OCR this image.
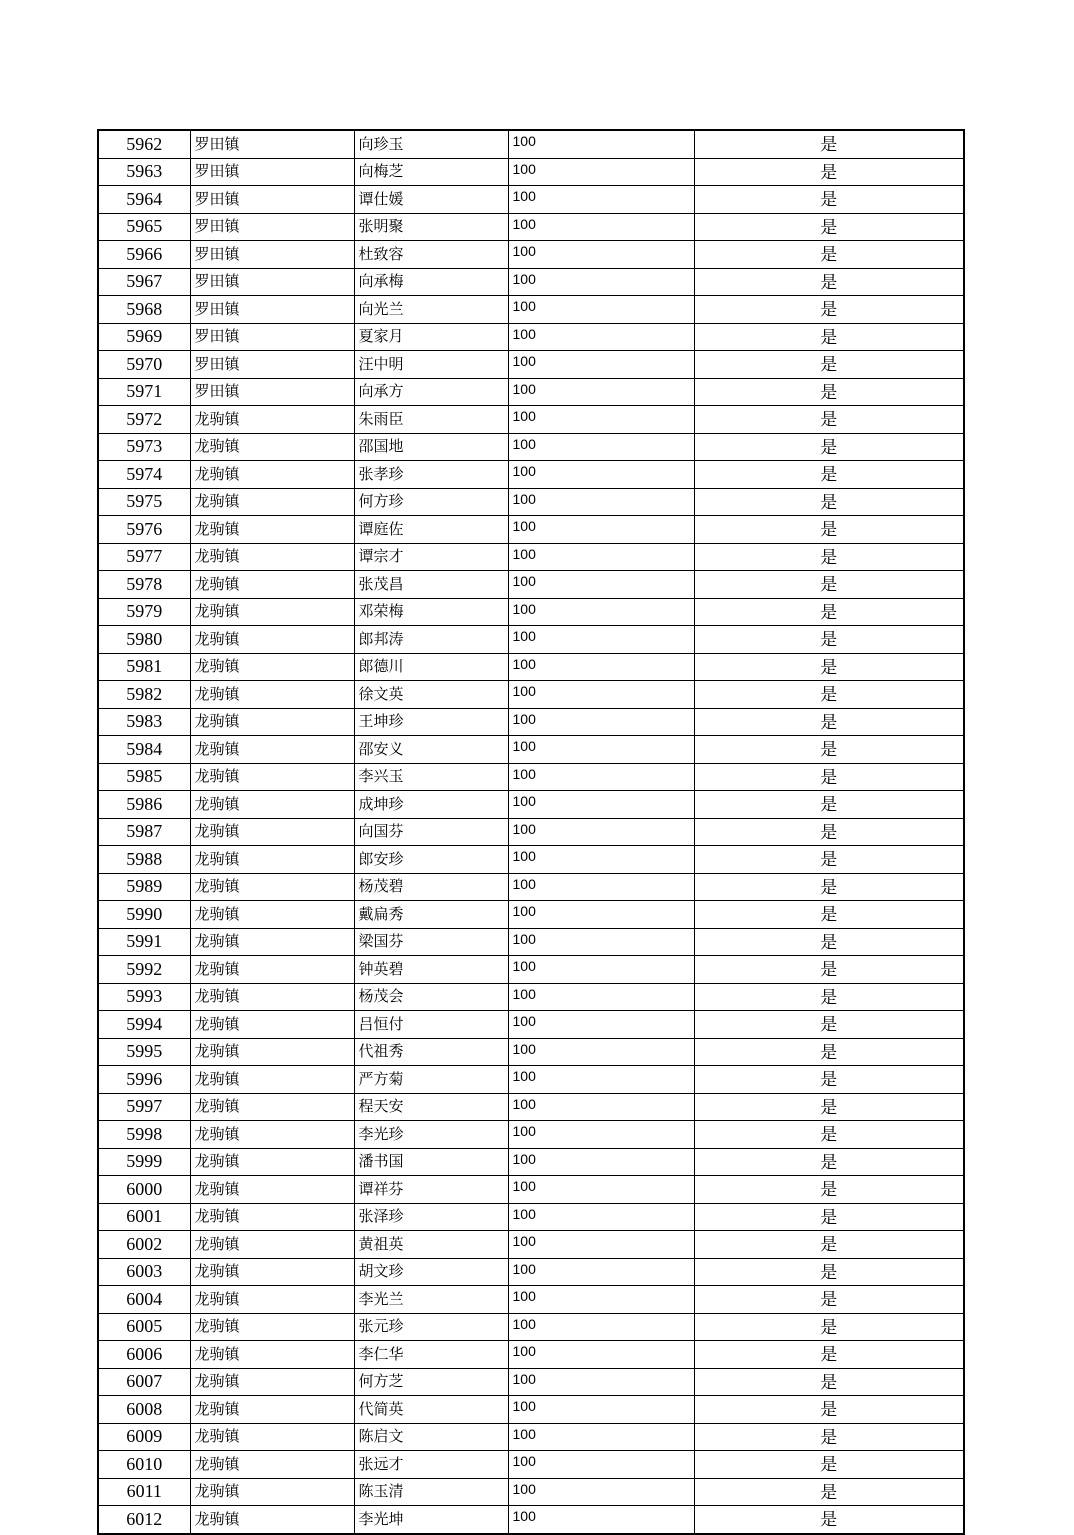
5962	罗田镇	向珍玉	100	是
5963	罗田镇	向梅芝	100	是
5964	罗田镇	谭仕媛	100	是
5965	罗田镇	张明聚	100	是
5966	罗田镇	杜致容	100	是
5967	罗田镇	向承梅	100	是
5968	罗田镇	向光兰	100	是
5969	罗田镇	夏家月	100	是
5970	罗田镇	汪中明	100	是
5971	罗田镇	向承方	100	是
5972	龙驹镇	朱雨臣	100	是
5973	龙驹镇	邵国地	100	是
5974	龙驹镇	张孝珍	100	是
5975	龙驹镇	何方珍	100	是
5976	龙驹镇	谭庭佐	100	是
5977	龙驹镇	谭宗才	100	是
5978	龙驹镇	张茂昌	100	是
5979	龙驹镇	邓荣梅	100	是
5980	龙驹镇	郎邦涛	100	是
5981	龙驹镇	郎德川	100	是
5982	龙驹镇	徐文英	100	是
5983	龙驹镇	王坤珍	100	是
5984	龙驹镇	邵安义	100	是
5985	龙驹镇	李兴玉	100	是
5986	龙驹镇	成坤珍	100	是
5987	龙驹镇	向国芬	100	是
5988	龙驹镇	郎安珍	100	是
5989	龙驹镇	杨茂碧	100	是
5990	龙驹镇	戴扁秀	100	是
5991	龙驹镇	梁国芬	100	是
5992	龙驹镇	钟英碧	100	是
5993	龙驹镇	杨茂会	100	是
5994	龙驹镇	吕恒付	100	是
5995	龙驹镇	代祖秀	100	是
5996	龙驹镇	严方菊	100	是
5997	龙驹镇	程天安	100	是
5998	龙驹镇	李光珍	100	是
5999	龙驹镇	潘书国	100	是
6000	龙驹镇	谭祥芬	100	是
6001	龙驹镇	张泽珍	100	是
6002	龙驹镇	黄祖英	100	是
6003	龙驹镇	胡文珍	100	是
6004	龙驹镇	李光兰	100	是
6005	龙驹镇	张元珍	100	是
6006	龙驹镇	李仁华	100	是
6007	龙驹镇	何方芝	100	是
6008	龙驹镇	代简英	100	是
6009	龙驹镇	陈启文	100	是
6010	龙驹镇	张远才	100	是
6011	龙驹镇	陈玉清	100	是
6012	龙驹镇	李光坤	100	是
